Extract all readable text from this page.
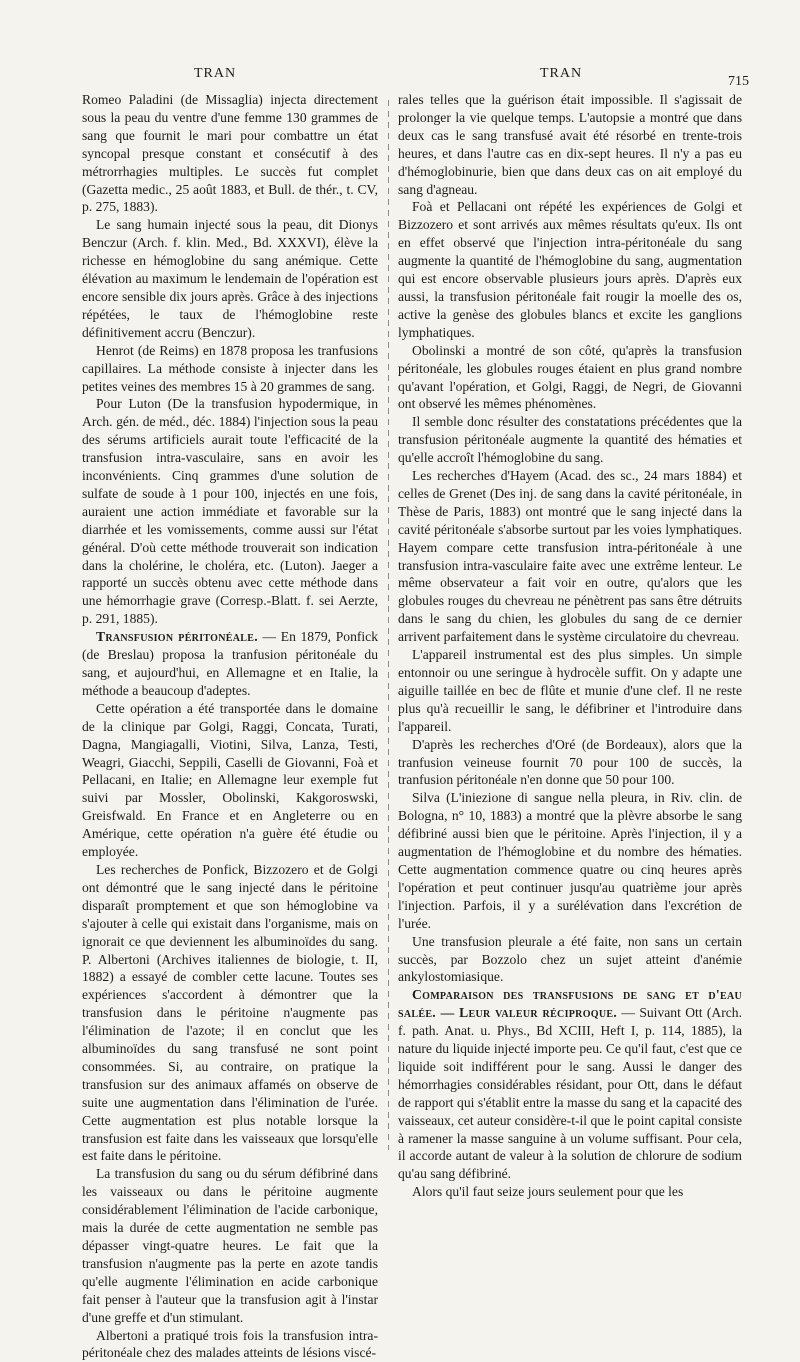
TRAN	TRAN
715

Romeo Paladini (de Missaglia) injecta directement sous la peau du ventre d'une femme 130 grammes de sang que fournit le mari pour combattre un état syncopal presque constant et consécutif à des métrorrhagies multiples. Le succès fut complet (Gazetta medic., 25 août 1883, et Bull. de thér., t. CV, p. 275, 1883).

Le sang humain injecté sous la peau, dit Dionys Benczur (Arch. f. klin. Med., Bd. XXXVI), élève la richesse en hémoglobine du sang anémique. Cette élévation au maximum le lendemain de l'opération est encore sensible dix jours après. Grâce à des injections répétées, le taux de l'hémoglobine reste définitivement accru (Benczur).

Henrot (de Reims) en 1878 proposa les tranfusions capillaires. La méthode consiste à injecter dans les petites veines des membres 15 à 20 grammes de sang.

Pour Luton (De la transfusion hypodermique, in Arch. gén. de méd., déc. 1884) l'injection sous la peau des sérums artificiels aurait toute l'efficacité de la transfusion intra-vasculaire, sans en avoir les inconvénients. Cinq grammes d'une solution de sulfate de soude à 1 pour 100, injectés en une fois, auraient une action immédiate et favorable sur la diarrhée et les vomissements, comme aussi sur l'état général. D'où cette méthode trouverait son indication dans la cholérine, le choléra, etc. (Luton). Jaeger a rapporté un succès obtenu avec cette méthode dans une hémorrhagie grave (Corresp.-Blatt. f. sei Aerzte, p. 291, 1885).

Transfusion péritonéale. — En 1879, Ponfick (de Breslau) proposa la tranfusion péritonéale du sang, et aujourd'hui, en Allemagne et en Italie, la méthode a beaucoup d'adeptes.

Cette opération a été transportée dans le domaine de la clinique par Golgi, Raggi, Concata, Turati, Dagna, Mangiagalli, Viotini, Silva, Lanza, Testi, Weagri, Giacchi, Seppili, Caselli de Giovanni, Foà et Pellacani, en Italie; en Allemagne leur exemple fut suivi par Mossler, Obolinski, Kakgoroswski, Greisfwald. En France et en Angleterre ou en Amérique, cette opération n'a guère été étudie ou employée.

Les recherches de Ponfick, Bizzozero et de Golgi ont démontré que le sang injecté dans le péritoine disparaît promptement et que son hémoglobine va s'ajouter à celle qui existait dans l'organisme, mais on ignorait ce que deviennent les albuminoïdes du sang. P. Albertoni (Archives italiennes de biologie, t. II, 1882) a essayé de combler cette lacune. Toutes ses expériences s'accordent à démontrer que la transfusion dans le péritoine n'augmente pas l'élimination de l'azote; il en conclut que les albuminoïdes du sang transfusé ne sont point consommées. Si, au contraire, on pratique la transfusion sur des animaux affamés on observe de suite une augmentation dans l'élimination de l'urée. Cette augmentation est plus notable lorsque la transfusion est faite dans les vaisseaux que lorsqu'elle est faite dans le péritoine.

La transfusion du sang ou du sérum défibriné dans les vaisseaux ou dans le péritoine augmente considérablement l'élimination de l'acide carbonique, mais la durée de cette augmentation ne semble pas dépasser vingt-quatre heures. Le fait que la transfusion n'augmente pas la perte en azote tandis qu'elle augmente l'élimination en acide carbonique fait penser à l'auteur que la transfusion agit à l'instar d'une greffe et d'un stimulant.

Albertoni a pratiqué trois fois la transfusion intra-péritonéale chez des malades atteints de lésions viscé-

rales telles que la guérison était impossible. Il s'agissait de prolonger la vie quelque temps. L'autopsie a montré que dans deux cas le sang transfusé avait été résorbé en trente-trois heures, et dans l'autre cas en dix-sept heures. Il n'y a pas eu d'hémoglobinurie, bien que dans deux cas on ait employé du sang d'agneau.

Foà et Pellacani ont répété les expériences de Golgi et Bizzozero et sont arrivés aux mêmes résultats qu'eux. Ils ont en effet observé que l'injection intra-péritonéale du sang augmente la quantité de l'hémoglobine du sang, augmentation qui est encore observable plusieurs jours après. D'après eux aussi, la transfusion péritonéale fait rougir la moelle des os, active la genèse des globules blancs et excite les ganglions lymphatiques.

Obolinski a montré de son côté, qu'après la transfusion péritonéale, les globules rouges étaient en plus grand nombre qu'avant l'opération, et Golgi, Raggi, de Negri, de Giovanni ont observé les mêmes phénomènes.

Il semble donc résulter des constatations précédentes que la transfusion péritonéale augmente la quantité des hématies et qu'elle accroît l'hémoglobine du sang.

Les recherches d'Hayem (Acad. des sc., 24 mars 1884) et celles de Grenet (Des inj. de sang dans la cavité péritonéale, in Thèse de Paris, 1883) ont montré que le sang injecté dans la cavité péritonéale s'absorbe surtout par les voies lymphatiques. Hayem compare cette transfusion intra-péritonéale à une transfusion intra-vasculaire faite avec une extrême lenteur. Le même observateur a fait voir en outre, qu'alors que les globules rouges du chevreau ne pénètrent pas sans être détruits dans le sang du chien, les globules du sang de ce dernier arrivent parfaitement dans le système circulatoire du chevreau.

L'appareil instrumental est des plus simples. Un simple entonnoir ou une seringue à hydrocèle suffit. On y adapte une aiguille taillée en bec de flûte et munie d'une clef. Il ne reste plus qu'à recueillir le sang, le défibriner et l'introduire dans l'appareil.

D'après les recherches d'Oré (de Bordeaux), alors que la tranfusion veineuse fournit 70 pour 100 de succès, la tranfusion péritonéale n'en donne que 50 pour 100.

Silva (L'iniezione di sangue nella pleura, in Riv. clin. de Bologna, n° 10, 1883) a montré que la plèvre absorbe le sang défibriné aussi bien que le péritoine. Après l'injection, il y a augmentation de l'hémoglobine et du nombre des hématies. Cette augmentation commence quatre ou cinq heures après l'opération et peut continuer jusqu'au quatrième jour après l'injection. Parfois, il y a surélévation dans l'excrétion de l'urée.

Une transfusion pleurale a été faite, non sans un certain succès, par Bozzolo chez un sujet atteint d'anémie ankylostomiasique.

Comparaison des transfusions de sang et d'eau salée. — Leur valeur réciproque. — Suivant Ott (Arch. f. path. Anat. u. Phys., Bd XCIII, Heft I, p. 114, 1885), la nature du liquide injecté importe peu. Ce qu'il faut, c'est que ce liquide soit indifférent pour le sang. Aussi le danger des hémorrhagies considérables résidant, pour Ott, dans le défaut de rapport qui s'établit entre la masse du sang et la capacité des vaisseaux, cet auteur considère-t-il que le point capital consiste à ramener la masse sanguine à un volume suffisant. Pour cela, il accorde autant de valeur à la solution de chlorure de sodium qu'au sang défibriné.

Alors qu'il faut seize jours seulement pour que les
